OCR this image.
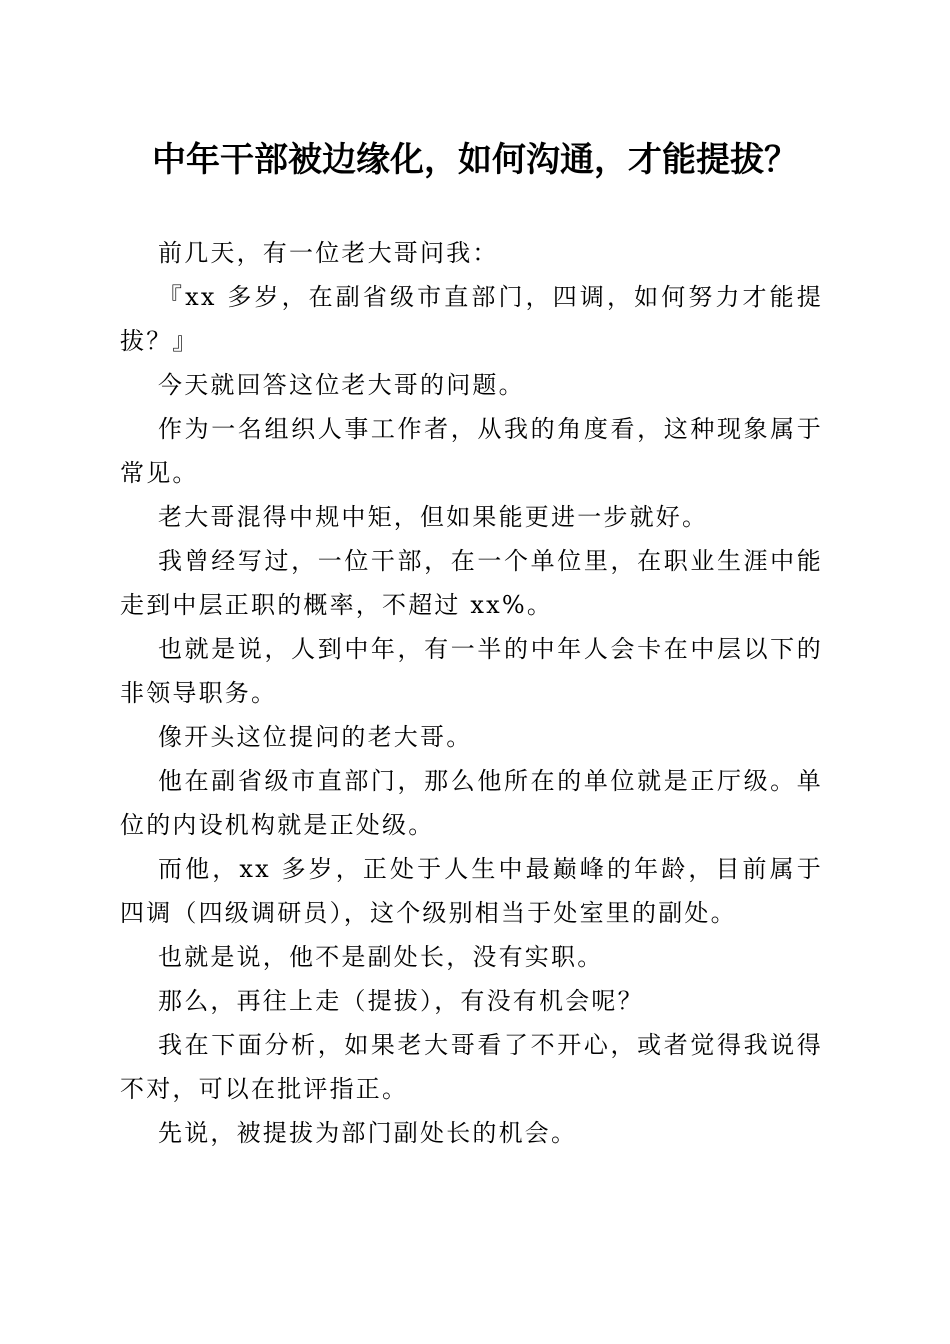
中年干部被边缘化，如何沟通，才能提拔？

前几天，有一位老大哥问我：

『xx 多岁，在副省级市直部门，四调，如何努力才能提拔？』

今天就回答这位老大哥的问题。

作为一名组织人事工作者，从我的角度看，这种现象属于常见。

老大哥混得中规中矩，但如果能更进一步就好。

我曾经写过，一位干部，在一个单位里，在职业生涯中能走到中层正职的概率，不超过 xx%。

也就是说，人到中年，有一半的中年人会卡在中层以下的非领导职务。

像开头这位提问的老大哥。

他在副省级市直部门，那么他所在的单位就是正厅级。单位的内设机构就是正处级。

而他，xx 多岁，正处于人生中最巅峰的年龄，目前属于四调（四级调研员），这个级别相当于处室里的副处。

也就是说，他不是副处长，没有实职。

那么，再往上走（提拔），有没有机会呢？

我在下面分析，如果老大哥看了不开心，或者觉得我说得不对，可以在批评指正。

先说，被提拔为部门副处长的机会。
